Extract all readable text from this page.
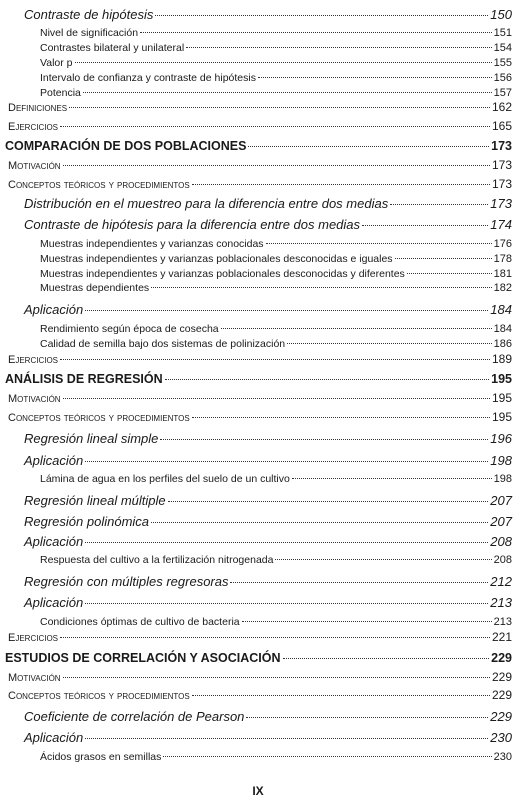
Contraste de hipótesis	150
Nivel de significación	151
Contrastes bilateral y unilateral	154
Valor p	155
Intervalo de confianza y contraste de hipótesis	156
Potencia	157
Definiciones	162
Ejercicios	165
COMPARACIÓN DE DOS POBLACIONES	173
Motivación	173
Conceptos teóricos y procedimientos	173
Distribución en el muestreo para la diferencia entre dos medias	173
Contraste de hipótesis para la diferencia entre dos medias	174
Muestras independientes y varianzas conocidas	176
Muestras independientes y varianzas poblacionales desconocidas e iguales	178
Muestras independientes y varianzas poblacionales desconocidas y diferentes	181
Muestras dependientes	182
Aplicación	184
Rendimiento según época de cosecha	184
Calidad de semilla bajo dos sistemas de polinización	186
Ejercicios	189
ANÁLISIS DE REGRESIÓN	195
Motivación	195
Conceptos teóricos y procedimientos	195
Regresión lineal simple	196
Aplicación	198
Lámina de agua en los perfiles del suelo de un cultivo	198
Regresión lineal múltiple	207
Regresión polinómica	207
Aplicación	208
Respuesta del cultivo a la fertilización nitrogenada	208
Regresión con múltiples regresoras	212
Aplicación	213
Condiciones óptimas de cultivo de bacteria	213
Ejercicios	221
ESTUDIOS DE CORRELACIÓN Y ASOCIACIÓN	229
Motivación	229
Conceptos teóricos y procedimientos	229
Coeficiente de correlación de Pearson	229
Aplicación	230
Ácidos grasos en semillas	230
IX
